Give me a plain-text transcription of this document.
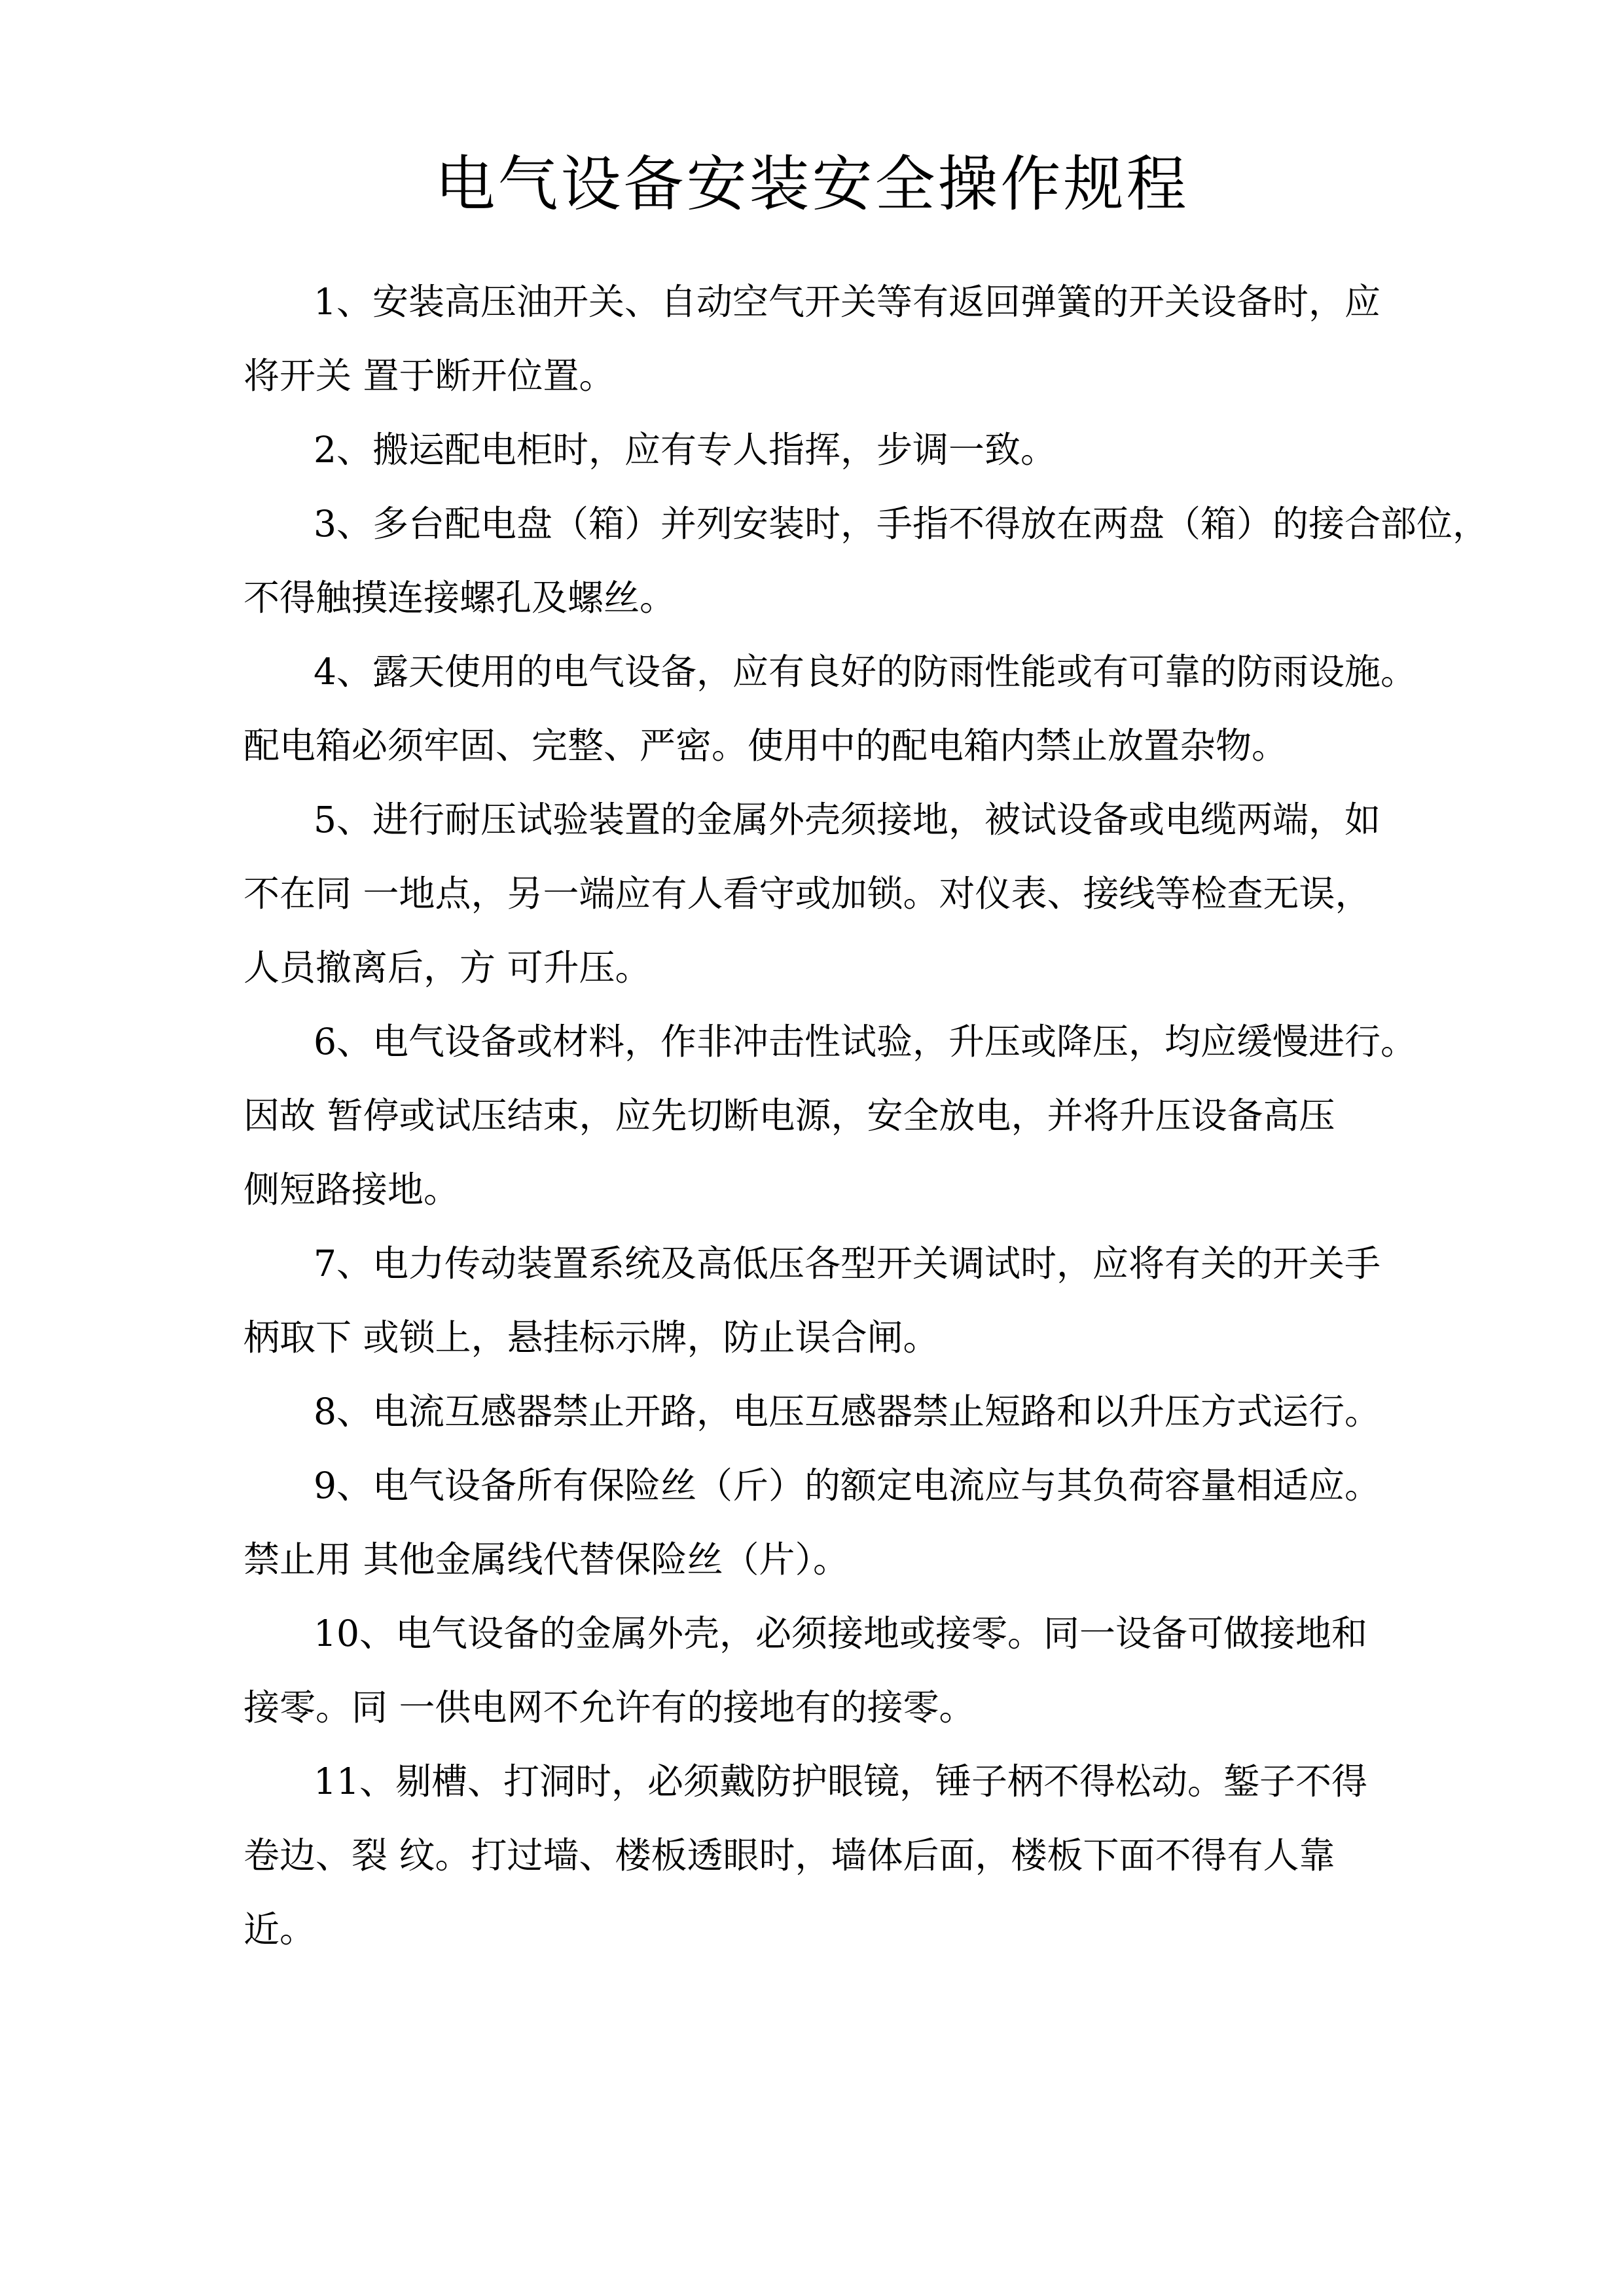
电气设备安装安全操作规程
1、安装高压油开关、自动空气开关等有返回弹簧的开关设备时，应
将开关 置于断开位置。
2、搬运配电柜时，应有专人指挥，步调一致。
3、多台配电盘（箱）并列安装时，手指不得放在两盘（箱）的接合部位，
不得触摸连接螺孔及螺丝。
4、露天使用的电气设备，应有良好的防雨性能或有可靠的防雨设施。
配电箱必须牢固、完整、严密。使用中的配电箱内禁止放置杂物。
5、进行耐压试验装置的金属外壳须接地，被试设备或电缆两端，如
不在同 一地点，另一端应有人看守或加锁。对仪表、接线等检查无误，
人员撤离后，方 可升压。
6、电气设备或材料，作非冲击性试验，升压或降压，均应缓慢进行。
因故 暂停或试压结束，应先切断电源，安全放电，并将升压设备高压
侧短路接地。
7、电力传动装置系统及高低压各型开关调试时，应将有关的开关手
柄取下 或锁上，悬挂标示牌，防止误合闸。
8、电流互感器禁止开路，电压互感器禁止短路和以升压方式运行。
9、电气设备所有保险丝（斤）的额定电流应与其负荷容量相适应。
禁止用 其他金属线代替保险丝（片）。
10、电气设备的金属外壳，必须接地或接零。同一设备可做接地和
接零。同 一供电网不允许有的接地有的接零。
11、剔槽、打洞时，必须戴防护眼镜，锤子柄不得松动。錾子不得
卷边、裂 纹。打过墙、楼板透眼时，墙体后面，楼板下面不得有人靠
近。
